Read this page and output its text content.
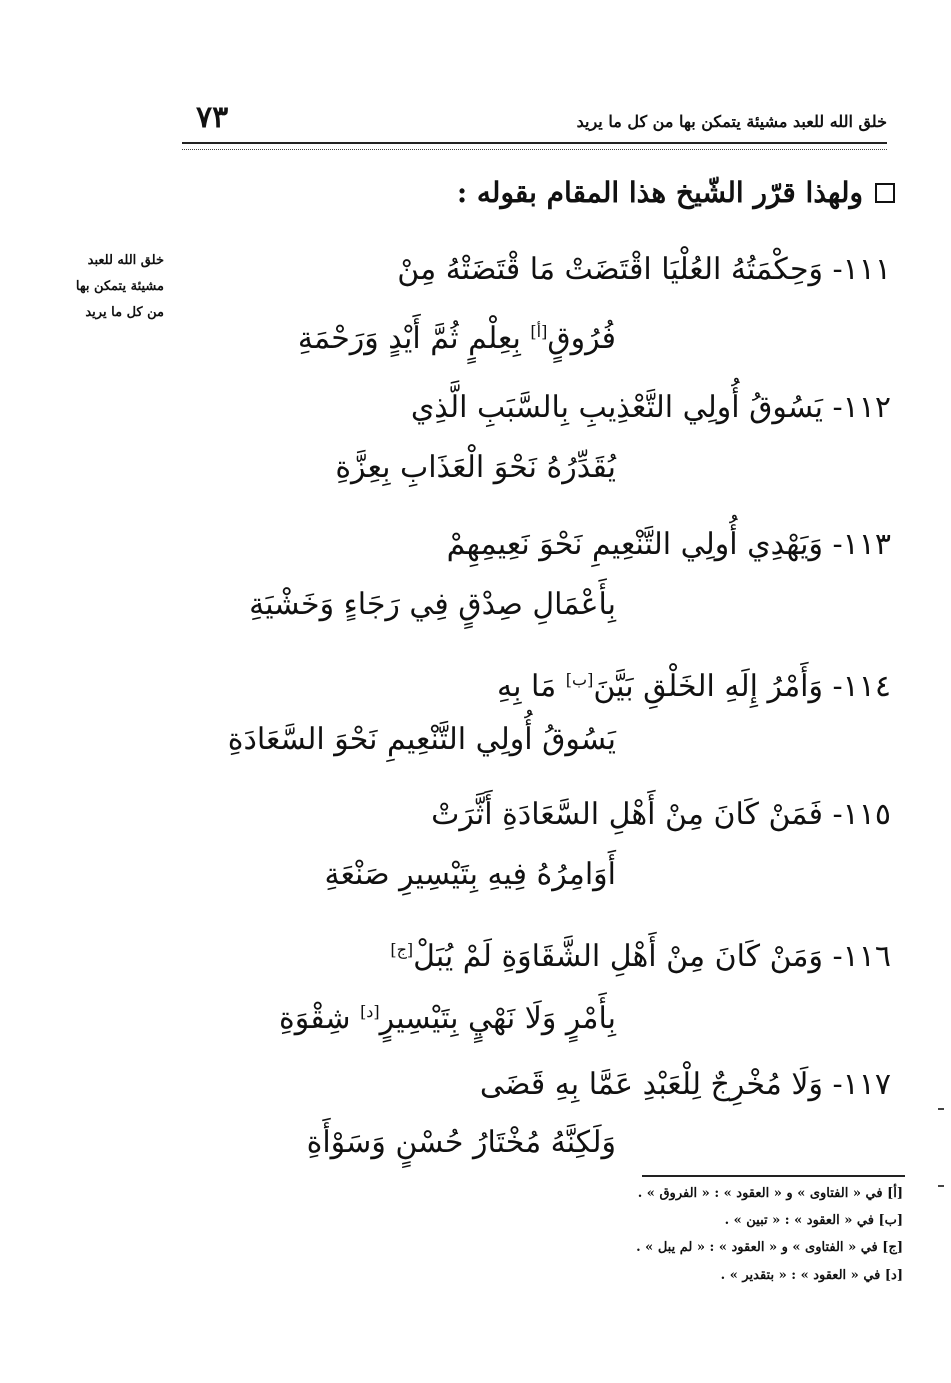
٧٣	خلق الله للعبد مشيئة يتمكن بها من كل ما يريد
خلق الله للعبد
مشيئة يتمكن بها
من كل ما يريد
ولهذا قرّر الشّيخ هذا المقام بقوله :
١١١- وَحِكْمَتُهُ العُلْيَا اقْتَضَتْ مَا قْتَضَتْهُ مِنْ
فُرُوقٍ[أ] بِعِلْمٍ ثُمَّ أَيْدٍ وَرَحْمَةِ
١١٢- يَسُوقُ أُولِي التَّعْذِيبِ بِالسَّبَبِ الَّذِي
يُقَدِّرُهُ نَحْوَ الْعَذَابِ بِعِزَّةِ
١١٣- وَيَهْدِي أُولِي التَّنْعِيمِ نَحْوَ نَعِيمِهِمْ
بِأَعْمَالِ صِدْقٍ فِي رَجَاءٍ وَخَشْيَةِ
١١٤- وَأَمْرُ إِلَهِ الخَلْقِ بَيَّنَ[ب] مَا بِهِ
يَسُوقُ أُولِي التَّنْعِيمِ نَحْوَ السَّعَادَةِ
١١٥- فَمَنْ كَانَ مِنْ أَهْلِ السَّعَادَةِ أَثَّرَتْ
أَوَامِرُهُ فِيهِ بِتَيْسِيرِ صَنْعَةِ
١١٦- وَمَنْ كَانَ مِنْ أَهْلِ الشَّقَاوَةِ لَمْ يُبَلْ[ج]
بِأَمْرٍ وَلَا نَهْيٍ بِتَيْسِيرٍ[د] شِقْوَةِ
١١٧- وَلَا مُخْرِجٌ لِلْعَبْدِ عَمَّا بِهِ قَضَى
وَلَكِنَّهُ مُخْتَارُ حُسْنٍ وَسَوْأَةِ
[أ] في « الفتاوى » و « العقود » : « الفروق » .
[ب] في « العقود » : « تبين » .
[ج] في « الفتاوى » و « العقود » : « لم يبل » .
[د] في « العقود » : « بتقدير » .
